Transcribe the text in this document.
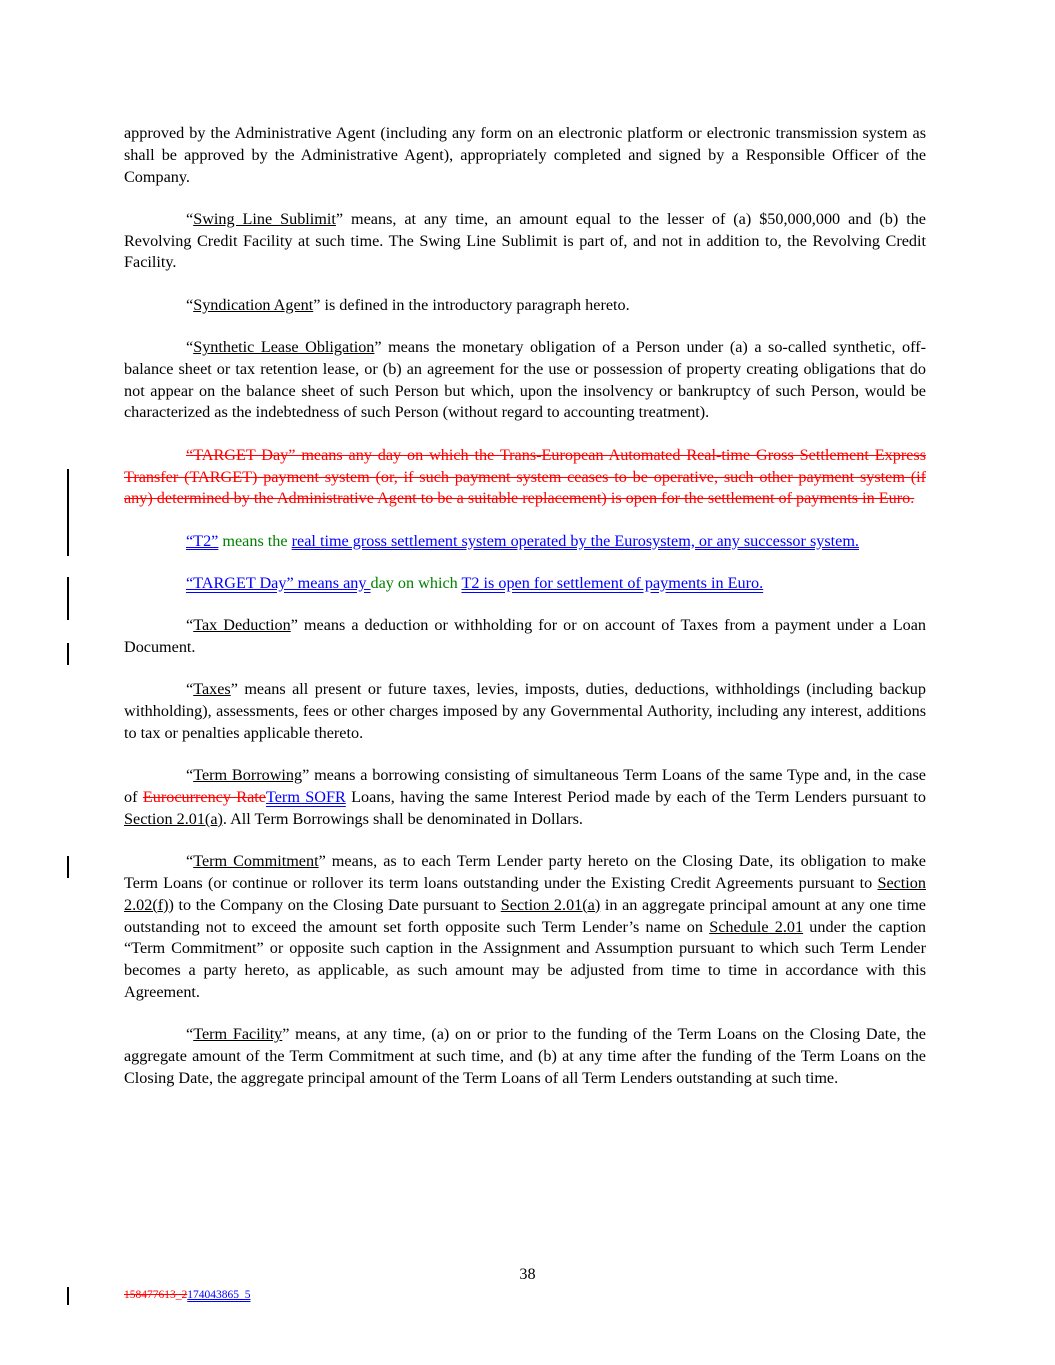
approved by the Administrative Agent (including any form on an electronic platform or electronic transmission system as shall be approved by the Administrative Agent), appropriately completed and signed by a Responsible Officer of the Company.

“Swing Line Sublimit” means, at any time, an amount equal to the lesser of (a) $50,000,000 and (b) the Revolving Credit Facility at such time. The Swing Line Sublimit is part of, and not in addition to, the Revolving Credit Facility.

“Syndication Agent” is defined in the introductory paragraph hereto.

“Synthetic Lease Obligation” means the monetary obligation of a Person under (a) a so-called synthetic, off-balance sheet or tax retention lease, or (b) an agreement for the use or possession of property creating obligations that do not appear on the balance sheet of such Person but which, upon the insolvency or bankruptcy of such Person, would be characterized as the indebtedness of such Person (without regard to accounting treatment).

“TARGET Day” means any day on which the Trans-European Automated Real-time Gross Settlement Express Transfer (TARGET) payment system (or, if such payment system ceases to be operative, such other payment system (if any) determined by the Administrative Agent to be a suitable replacement) is open for the settlement of payments in Euro.

“T2” means the real time gross settlement system operated by the Eurosystem, or any successor system.

“TARGET Day” means any day on which T2 is open for settlement of payments in Euro.

“Tax Deduction” means a deduction or withholding for or on account of Taxes from a payment under a Loan Document.

“Taxes” means all present or future taxes, levies, imposts, duties, deductions, withholdings (including backup withholding), assessments, fees or other charges imposed by any Governmental Authority, including any interest, additions to tax or penalties applicable thereto.

“Term Borrowing” means a borrowing consisting of simultaneous Term Loans of the same Type and, in the case of Eurocurrency RateTerm SOFR Loans, having the same Interest Period made by each of the Term Lenders pursuant to Section 2.01(a). All Term Borrowings shall be denominated in Dollars.

“Term Commitment” means, as to each Term Lender party hereto on the Closing Date, its obligation to make Term Loans (or continue or rollover its term loans outstanding under the Existing Credit Agreements pursuant to Section 2.02(f)) to the Company on the Closing Date pursuant to Section 2.01(a) in an aggregate principal amount at any one time outstanding not to exceed the amount set forth opposite such Term Lender’s name on Schedule 2.01 under the caption “Term Commitment” or opposite such caption in the Assignment and Assumption pursuant to which such Term Lender becomes a party hereto, as applicable, as such amount may be adjusted from time to time in accordance with this Agreement.

“Term Facility” means, at any time, (a) on or prior to the funding of the Term Loans on the Closing Date, the aggregate amount of the Term Commitment at such time, and (b) at any time after the funding of the Term Loans on the Closing Date, the aggregate principal amount of the Term Loans of all Term Lenders outstanding at such time.

38
158477613_2174043865_5
